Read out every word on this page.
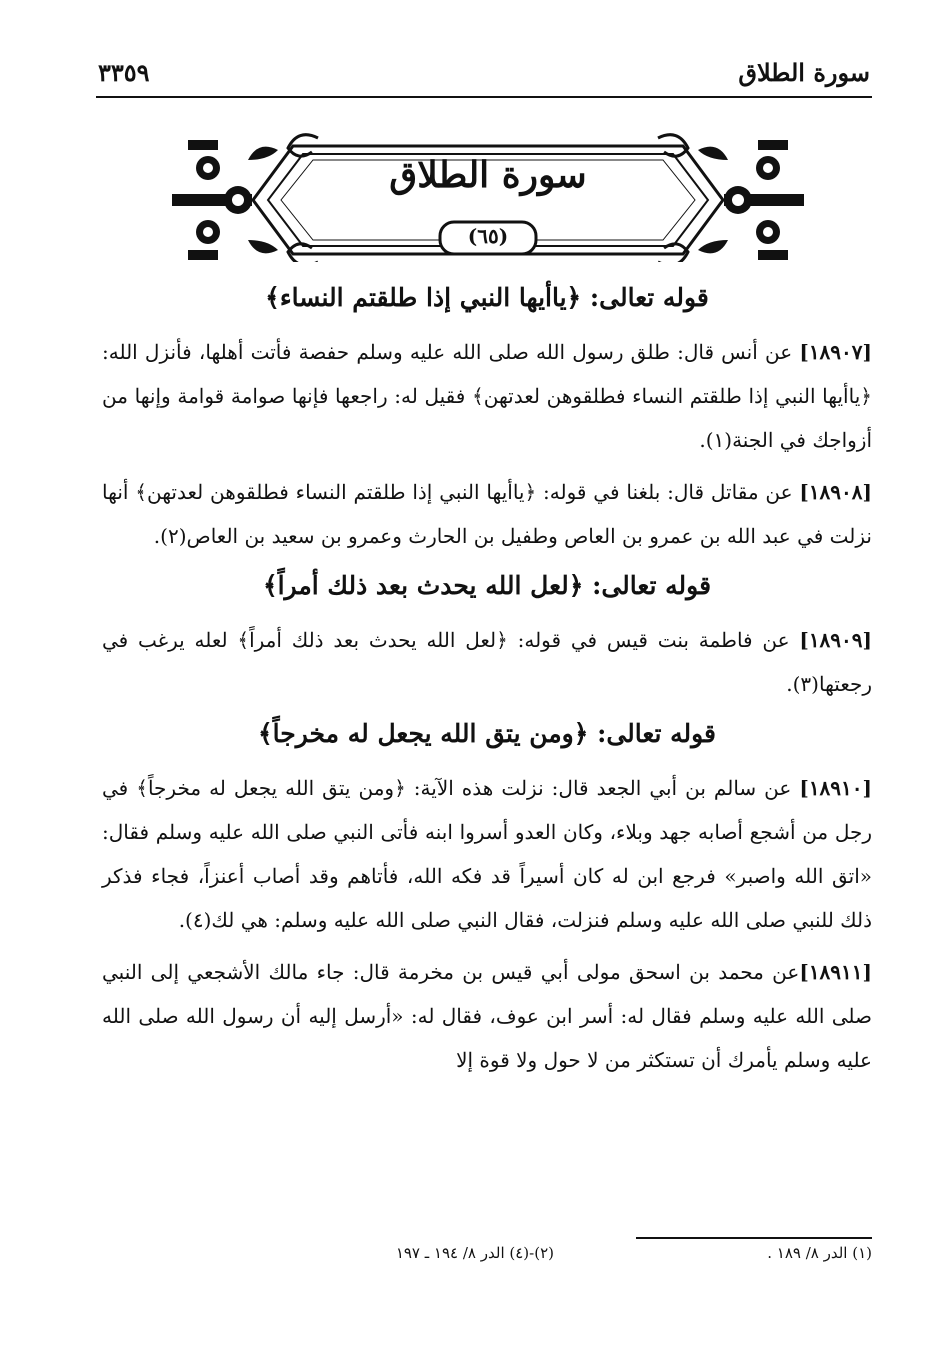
سورة الطلاق
٣٣٥٩
سورة الطلاق
(٦٥)
قوله تعالى: ﴿ياأيها النبي إذا طلقتم النساء﴾

[١٨٩٠٧] عن أنس قال: طلق رسول الله صلى الله عليه وسلم حفصة فأتت أهلها، فأنزل الله: ﴿ياأيها النبي إذا طلقتم النساء فطلقوهن لعدتهن﴾ فقيل له: راجعها فإنها صوامة قوامة وإنها من أزواجك في الجنة(١).

[١٨٩٠٨] عن مقاتل قال: بلغنا في قوله: ﴿ياأيها النبي إذا طلقتم النساء فطلقوهن لعدتهن﴾ أنها نزلت في عبد الله بن عمرو بن العاص وطفيل بن الحارث وعمرو بن سعيد بن العاص(٢).

قوله تعالى: ﴿لعل الله يحدث بعد ذلك أمراً﴾

[١٨٩٠٩] عن فاطمة بنت قيس في قوله: ﴿لعل الله يحدث بعد ذلك أمراً﴾ لعله يرغب في رجعتها(٣).

قوله تعالى: ﴿ومن يتق الله يجعل له مخرجاً﴾

[١٨٩١٠] عن سالم بن أبي الجعد قال: نزلت هذه الآية: ﴿ومن يتق الله يجعل له مخرجاً﴾ في رجل من أشجع أصابه جهد وبلاء، وكان العدو أسروا ابنه فأتى النبي صلى الله عليه وسلم فقال: «اتق الله واصبر» فرجع ابن له كان أسيراً قد فكه الله، فأتاهم وقد أصاب أعنزاً، فجاء فذكر ذلك للنبي صلى الله عليه وسلم فنزلت، فقال النبي صلى الله عليه وسلم: هي لك(٤).

[١٨٩١١]عن محمد بن اسحق مولى أبي قيس بن مخرمة قال: جاء مالك الأشجعي إلى النبي صلى الله عليه وسلم فقال له: أسر ابن عوف، فقال له: «أرسل إليه أن رسول الله صلى الله عليه وسلم يأمرك أن تستكثر من لا حول ولا قوة إلا

(١) الدر ٨/ ١٨٩ .
(٢)-(٤) الدر ٨/ ١٩٤ ـ ١٩٧
